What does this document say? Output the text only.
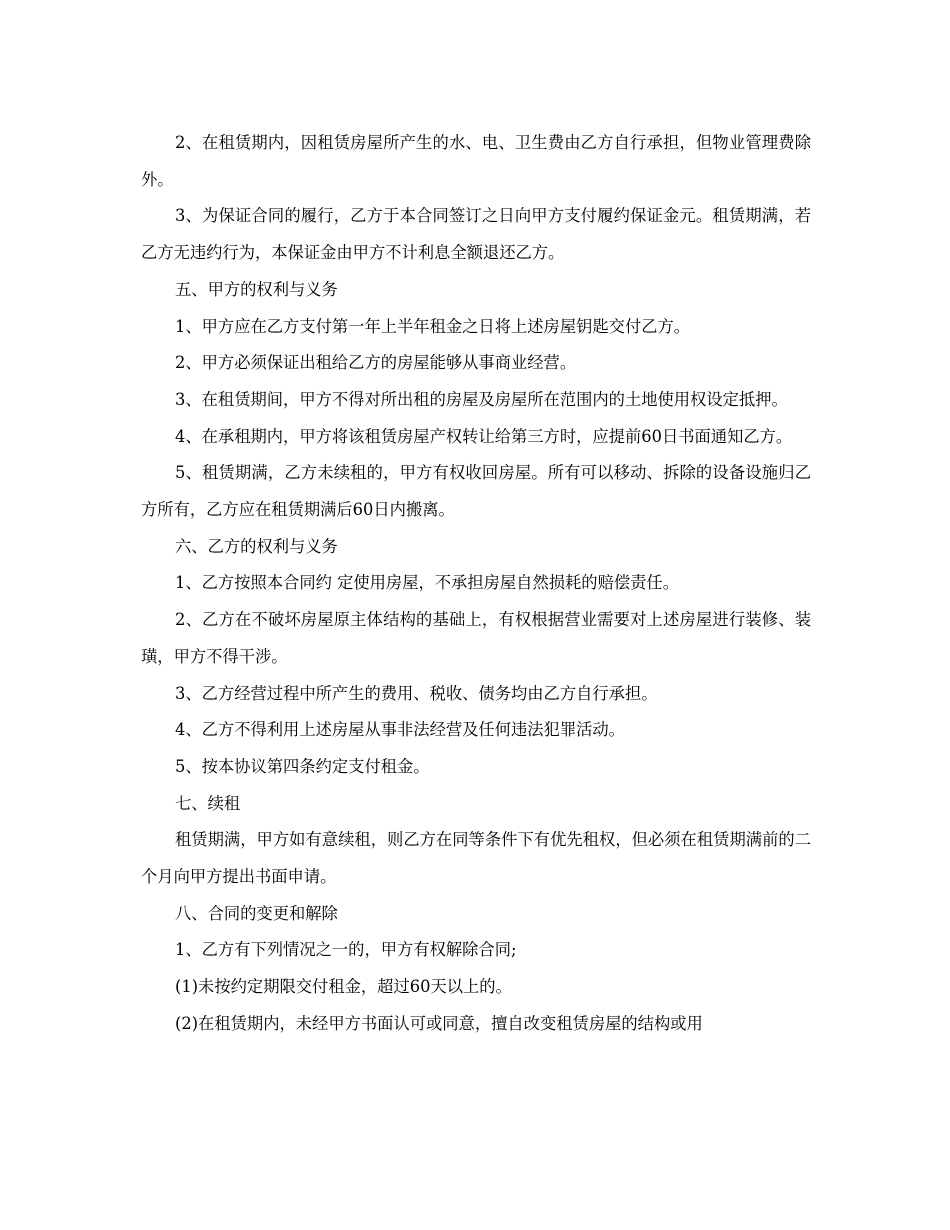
2、在租赁期内，因租赁房屋所产生的水、电、卫生费由乙方自行承担，但物业管理费除外。

3、为保证合同的履行，乙方于本合同签订之日向甲方支付履约保证金元。租赁期满，若乙方无违约行为，本保证金由甲方不计利息全额退还乙方。

五、甲方的权利与义务

1、甲方应在乙方支付第一年上半年租金之日将上述房屋钥匙交付乙方。

2、甲方必须保证出租给乙方的房屋能够从事商业经营。

3、在租赁期间，甲方不得对所出租的房屋及房屋所在范围内的土地使用权设定抵押。

4、在承租期内，甲方将该租赁房屋产权转让给第三方时，应提前60日书面通知乙方。

5、租赁期满，乙方未续租的，甲方有权收回房屋。所有可以移动、拆除的设备设施归乙方所有，乙方应在租赁期满后60日内搬离。

六、乙方的权利与义务

1、乙方按照本合同约 定使用房屋，不承担房屋自然损耗的赔偿责任。

2、乙方在不破坏房屋原主体结构的基础上，有权根据营业需要对上述房屋进行装修、装璜，甲方不得干涉。

3、乙方经营过程中所产生的费用、税收、债务均由乙方自行承担。

4、乙方不得利用上述房屋从事非法经营及任何违法犯罪活动。

5、按本协议第四条约定支付租金。

七、续租

租赁期满，甲方如有意续租，则乙方在同等条件下有优先租权，但必须在租赁期满前的二个月向甲方提出书面申请。

八、合同的变更和解除

1、乙方有下列情况之一的，甲方有权解除合同;

(1)未按约定期限交付租金，超过60天以上的。

(2)在租赁期内，未经甲方书面认可或同意，擅自改变租赁房屋的结构或用
